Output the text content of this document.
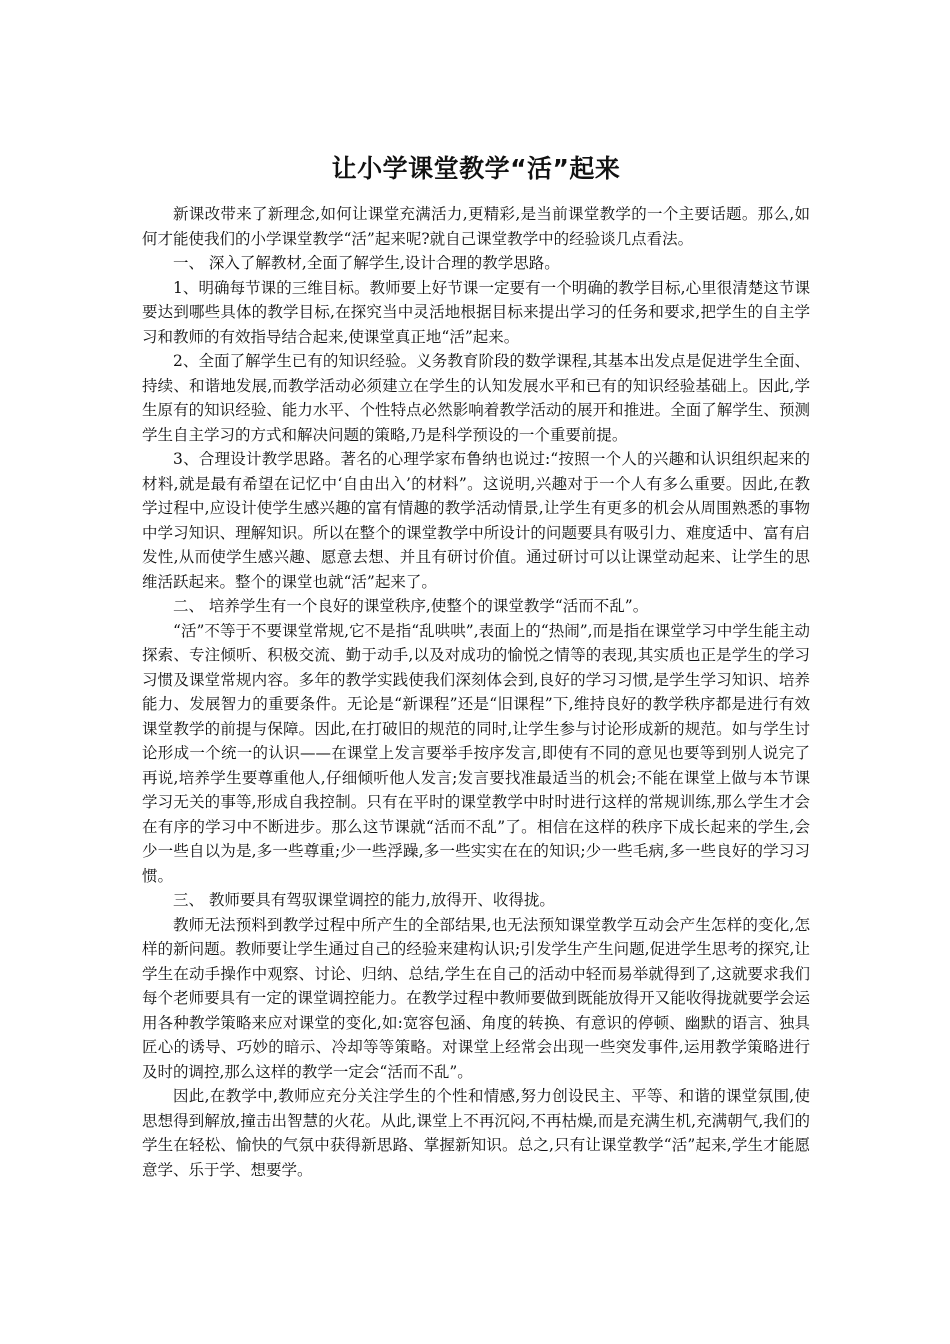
让小学课堂教学“活”起来

新课改带来了新理念,如何让课堂充满活力,更精彩,是当前课堂教学的一个主要话题。那么,如何才能使我们的小学课堂教学“活”起来呢?就自己课堂教学中的经验谈几点看法。

一、 深入了解教材,全面了解学生,设计合理的教学思路。

1、明确每节课的三维目标。教师要上好节课一定要有一个明确的教学目标,心里很清楚这节课要达到哪些具体的教学目标,在探究当中灵活地根据目标来提出学习的任务和要求,把学生的自主学习和教师的有效指导结合起来,使课堂真正地“活”起来。

2、全面了解学生已有的知识经验。义务教育阶段的数学课程,其基本出发点是促进学生全面、持续、和谐地发展,而教学活动必须建立在学生的认知发展水平和已有的知识经验基础上。因此,学生原有的知识经验、能力水平、个性特点必然影响着教学活动的展开和推进。全面了解学生、预测学生自主学习的方式和解决问题的策略,乃是科学预设的一个重要前提。

3、合理设计教学思路。著名的心理学家布鲁纳也说过:“按照一个人的兴趣和认识组织起来的材料,就是最有希望在记忆中‘自由出入’的材料”。这说明,兴趣对于一个人有多么重要。因此,在教学过程中,应设计使学生感兴趣的富有情趣的教学活动情景,让学生有更多的机会从周围熟悉的事物中学习知识、理解知识。所以在整个的课堂教学中所设计的问题要具有吸引力、难度适中、富有启发性,从而使学生感兴趣、愿意去想、并且有研讨价值。通过研讨可以让课堂动起来、让学生的思维活跃起来。整个的课堂也就“活”起来了。

二、 培养学生有一个良好的课堂秩序,使整个的课堂教学“活而不乱”。

“活”不等于不要课堂常规,它不是指“乱哄哄”,表面上的“热闹”,而是指在课堂学习中学生能主动探索、专注倾听、积极交流、勤于动手,以及对成功的愉悦之情等的表现,其实质也正是学生的学习习惯及课堂常规内容。多年的教学实践使我们深刻体会到,良好的学习习惯,是学生学习知识、培养能力、发展智力的重要条件。无论是“新课程”还是“旧课程”下,维持良好的教学秩序都是进行有效课堂教学的前提与保障。因此,在打破旧的规范的同时,让学生参与讨论形成新的规范。如与学生讨论形成一个统一的认识——在课堂上发言要举手按序发言,即使有不同的意见也要等到别人说完了再说,培养学生要尊重他人,仔细倾听他人发言;发言要找准最适当的机会;不能在课堂上做与本节课学习无关的事等,形成自我控制。只有在平时的课堂教学中时时进行这样的常规训练,那么学生才会在有序的学习中不断进步。那么这节课就“活而不乱”了。相信在这样的秩序下成长起来的学生,会少一些自以为是,多一些尊重;少一些浮躁,多一些实实在在的知识;少一些毛病,多一些良好的学习习惯。

三、 教师要具有驾驭课堂调控的能力,放得开、收得拢。

教师无法预料到教学过程中所产生的全部结果,也无法预知课堂教学互动会产生怎样的变化,怎样的新问题。教师要让学生通过自己的经验来建构认识;引发学生产生问题,促进学生思考的探究,让学生在动手操作中观察、讨论、归纳、总结,学生在自己的活动中轻而易举就得到了,这就要求我们每个老师要具有一定的课堂调控能力。在教学过程中教师要做到既能放得开又能收得拢就要学会运用各种教学策略来应对课堂的变化,如:宽容包涵、角度的转换、有意识的停顿、幽默的语言、独具匠心的诱导、巧妙的暗示、冷却等等策略。对课堂上经常会出现一些突发事件,运用教学策略进行及时的调控,那么这样的教学一定会“活而不乱”。

因此,在教学中,教师应充分关注学生的个性和情感,努力创设民主、平等、和谐的课堂氛围,使思想得到解放,撞击出智慧的火花。从此,课堂上不再沉闷,不再枯燥,而是充满生机,充满朝气,我们的学生在轻松、愉快的气氛中获得新思路、掌握新知识。总之,只有让课堂教学“活”起来,学生才能愿意学、乐于学、想要学。
